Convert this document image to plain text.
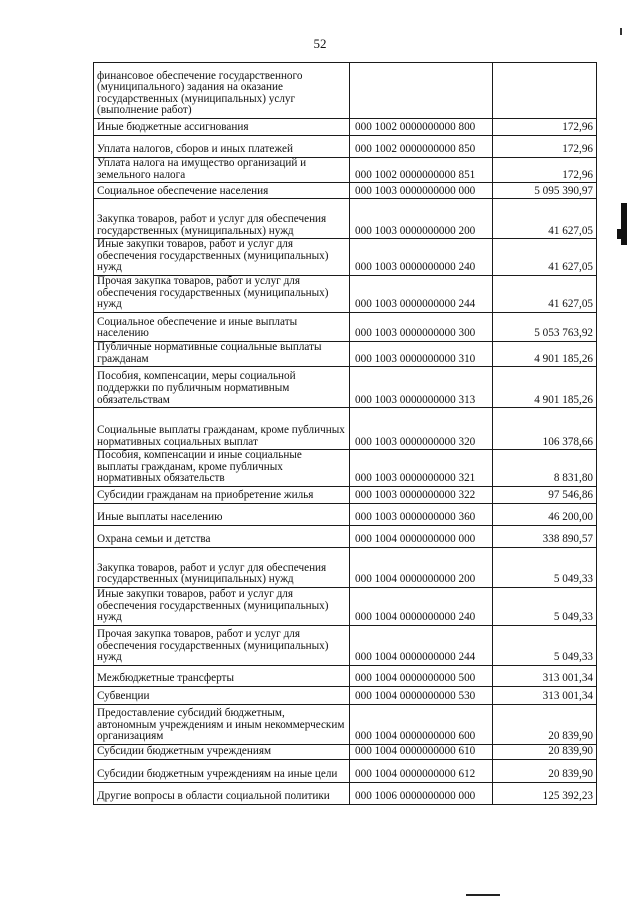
52
финансовое обеспечение государственного (муниципального) задания на оказание государственных (муниципальных) услуг (выполнение работ)		
Иные бюджетные ассигнования	000 1002 0000000000 800	172,96
Уплата налогов, сборов и иных платежей	000 1002 0000000000 850	172,96
Уплата налога на имущество организаций и земельного налога	000 1002 0000000000 851	172,96
Социальное обеспечение населения	000 1003 0000000000 000	5 095 390,97
Закупка товаров, работ и услуг для обеспечения государственных (муниципальных) нужд	000 1003 0000000000 200	41 627,05
Иные закупки товаров, работ и услуг для обеспечения государственных (муниципальных) нужд	000 1003 0000000000 240	41 627,05
Прочая закупка товаров, работ и услуг для обеспечения государственных (муниципальных) нужд	000 1003 0000000000 244	41 627,05
Социальное обеспечение и иные выплаты населению	000 1003 0000000000 300	5 053 763,92
Публичные нормативные социальные выплаты гражданам	000 1003 0000000000 310	4 901 185,26
Пособия, компенсации, меры социальной поддержки по публичным нормативным обязательствам	000 1003 0000000000 313	4 901 185,26
Социальные выплаты гражданам, кроме публичных нормативных социальных выплат	000 1003 0000000000 320	106 378,66
Пособия, компенсации и иные социальные выплаты гражданам, кроме публичных нормативных обязательств	000 1003 0000000000 321	8 831,80
Субсидии гражданам на приобретение жилья	000 1003 0000000000 322	97 546,86
Иные выплаты населению	000 1003 0000000000 360	46 200,00
Охрана семьи и детства	000 1004 0000000000 000	338 890,57
Закупка товаров, работ и услуг для обеспечения государственных (муниципальных) нужд	000 1004 0000000000 200	5 049,33
Иные закупки товаров, работ и услуг для обеспечения государственных (муниципальных) нужд	000 1004 0000000000 240	5 049,33
Прочая закупка товаров, работ и услуг для обеспечения государственных (муниципальных) нужд	000 1004 0000000000 244	5 049,33
Межбюджетные трансферты	000 1004 0000000000 500	313 001,34
Субвенции	000 1004 0000000000 530	313 001,34
Предоставление субсидий бюджетным, автономным учреждениям и иным некоммерческим организациям	000 1004 0000000000 600	20 839,90
Субсидии бюджетным учреждениям	000 1004 0000000000 610	20 839,90
Субсидии бюджетным учреждениям на иные цели	000 1004 0000000000 612	20 839,90
Другие вопросы в области социальной политики	000 1006 0000000000 000	125 392,23
